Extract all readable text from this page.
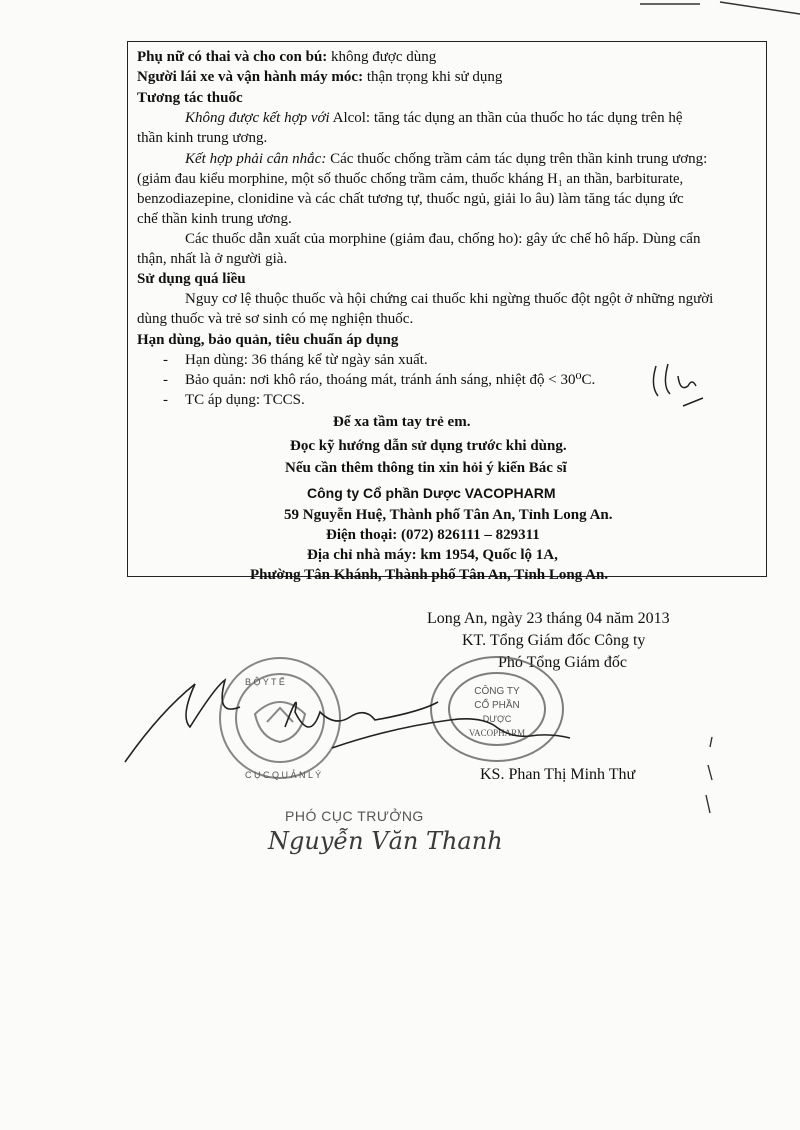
Phụ nữ có thai và cho con bú: không được dùng
Người lái xe và vận hành máy móc: thận trọng khi sử dụng
Tương tác thuốc
Không được kết hợp với Alcol: tăng tác dụng an thần của thuốc ho tác dụng trên hệ
thần kinh trung ương.
Kết hợp phải cân nhắc: Các thuốc chống trầm cảm tác dụng trên thần kinh trung ương:
(giảm đau kiểu morphine, một số thuốc chống trầm cảm, thuốc kháng H₁ an thần, barbiturate,
benzodiazepine, clonidine và các chất tương tự, thuốc ngủ, giải lo âu) làm tăng tác dụng ức
chế thần kinh trung ương.
Các thuốc dẫn xuất của morphine (giảm đau, chống ho): gây ức chế hô hấp. Dùng cẩn
thận, nhất là ở người già.
Sử dụng quá liều
Nguy cơ lệ thuộc thuốc và hội chứng cai thuốc khi ngừng thuốc đột ngột ở những người
dùng thuốc và trẻ sơ sinh có mẹ nghiện thuốc.
Hạn dùng, bảo quản, tiêu chuẩn áp dụng
- Hạn dùng: 36 tháng kể từ ngày sản xuất.
- Bảo quản: nơi khô ráo, thoáng mát, tránh ánh sáng, nhiệt độ < 30⁰C.
- TC áp dụng: TCCS.
Để xa tầm tay trẻ em.
Đọc kỹ hướng dẫn sử dụng trước khi dùng.
Nếu cần thêm thông tin xin hỏi ý kiến Bác sĩ
Công ty Cổ phần Dược VACOPHARM
59 Nguyễn Huệ, Thành phố Tân An, Tỉnh Long An.
Điện thoại: (072) 826111 – 829311
Địa chỉ nhà máy: km 1954, Quốc lộ 1A,
Phường Tân Khánh, Thành phố Tân An, Tỉnh Long An.
Long An, ngày 23 tháng 04 năm 2013
KT. Tổng Giám đốc Công ty
Phó Tổng Giám đốc
KS. Phan Thị Minh Thư
PHÓ CỤC TRƯỞNG
Nguyễn Văn Thanh
B Ộ Y T Ế
C Ụ C Q U Ả N L Ý
CÔNG TY
CỔ PHẦN
DƯỢC
VACOPHARM
